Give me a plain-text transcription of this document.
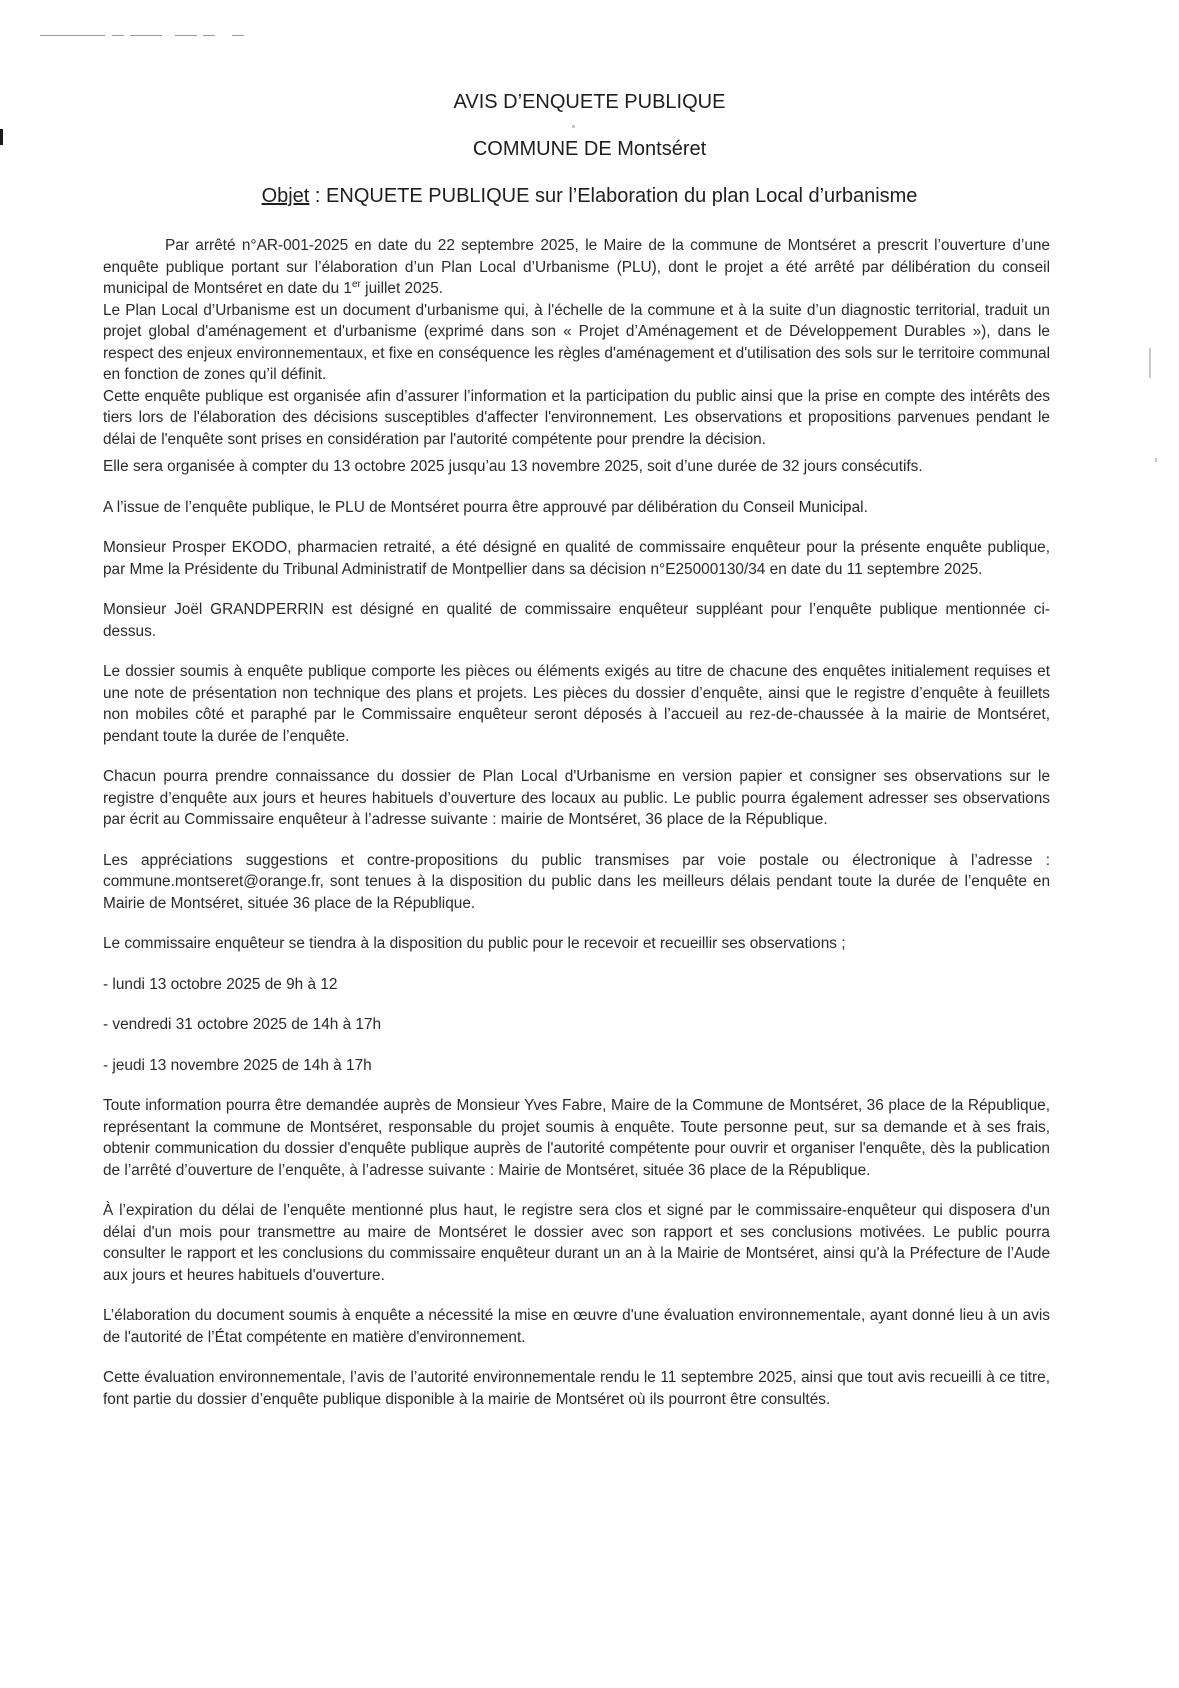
AVIS D’ENQUETE PUBLIQUE
COMMUNE DE Montséret
Objet : ENQUETE PUBLIQUE sur l’Elaboration du plan Local d’urbanisme

Par arrêté n°AR-001-2025 en date du 22 septembre 2025, le Maire de la commune de Montséret a prescrit l’ouverture d’une enquête publique portant sur l’élaboration d’un Plan Local d’Urbanisme (PLU), dont le projet a été arrêté par délibération du conseil municipal de Montséret en date du 1er juillet 2025.

Le Plan Local d’Urbanisme est un document d'urbanisme qui, à l'échelle de la commune et à la suite d’un diagnostic territorial, traduit un projet global d'aménagement et d'urbanisme (exprimé dans son « Projet d’Aménagement et de Développement Durables »), dans le respect des enjeux environnementaux, et fixe en conséquence les règles d'aménagement et d'utilisation des sols sur le territoire communal en fonction de zones qu’il définit.

Cette enquête publique est organisée afin d’assurer l’information et la participation du public ainsi que la prise en compte des intérêts des tiers lors de l'élaboration des décisions susceptibles d'affecter l'environnement. Les observations et propositions parvenues pendant le délai de l'enquête sont prises en considération par l'autorité compétente pour prendre la décision.

Elle sera organisée à compter du 13 octobre 2025 jusqu’au 13 novembre 2025, soit d’une durée de 32 jours consécutifs.

A l’issue de l’enquête publique, le PLU de Montséret pourra être approuvé par délibération du Conseil Municipal.

Monsieur Prosper EKODO, pharmacien retraité, a été désigné en qualité de commissaire enquêteur pour la présente enquête publique, par Mme la Présidente du Tribunal Administratif de Montpellier dans sa décision n°E25000130/34 en date du 11 septembre 2025.

Monsieur Joël GRANDPERRIN est désigné en qualité de commissaire enquêteur suppléant pour l’enquête publique mentionnée ci-dessus.

Le dossier soumis à enquête publique comporte les pièces ou éléments exigés au titre de chacune des enquêtes initialement requises et une note de présentation non technique des plans et projets. Les pièces du dossier d’enquête, ainsi que le registre d’enquête à feuillets non mobiles côté et paraphé par le Commissaire enquêteur seront déposés à l’accueil au rez-de-chaussée à la mairie de Montséret, pendant toute la durée de l’enquête.

Chacun pourra prendre connaissance du dossier de Plan Local d'Urbanisme en version papier et consigner ses observations sur le registre d’enquête aux jours et heures habituels d’ouverture des locaux au public. Le public pourra également adresser ses observations par écrit au Commissaire enquêteur à l’adresse suivante : mairie de Montséret, 36 place de la République.

Les appréciations suggestions et contre-propositions du public transmises par voie postale ou électronique à l’adresse : commune.montseret@orange.fr, sont tenues à la disposition du public dans les meilleurs délais pendant toute la durée de l’enquête en Mairie de Montséret, située 36 place de la République.

Le commissaire enquêteur se tiendra à la disposition du public pour le recevoir et recueillir ses observations ;

- lundi 13 octobre 2025 de 9h à 12

- vendredi 31 octobre 2025 de 14h à 17h

- jeudi 13 novembre 2025 de 14h à 17h

Toute information pourra être demandée auprès de Monsieur Yves Fabre, Maire de la Commune de Montséret, 36 place de la République, représentant la commune de Montséret, responsable du projet soumis à enquête. Toute personne peut, sur sa demande et à ses frais, obtenir communication du dossier d'enquête publique auprès de l'autorité compétente pour ouvrir et organiser l'enquête, dès la publication de l’arrêté d’ouverture de l’enquête, à l’adresse suivante : Mairie de Montséret, située 36 place de la République.

À l’expiration du délai de l’enquête mentionné plus haut, le registre sera clos et signé par le commissaire-enquêteur qui disposera d'un délai d'un mois pour transmettre au maire de Montséret le dossier avec son rapport et ses conclusions motivées. Le public pourra consulter le rapport et les conclusions du commissaire enquêteur durant un an à la Mairie de Montséret, ainsi qu'à la Préfecture de l’Aude aux jours et heures habituels d'ouverture.

L’élaboration du document soumis à enquête a nécessité la mise en œuvre d'une évaluation environnementale, ayant donné lieu à un avis de l'autorité de l’État compétente en matière d'environnement.

Cette évaluation environnementale, l’avis de l’autorité environnementale rendu le 11 septembre 2025, ainsi que tout avis recueilli à ce titre, font partie du dossier d’enquête publique disponible à la mairie de Montséret où ils pourront être consultés.
